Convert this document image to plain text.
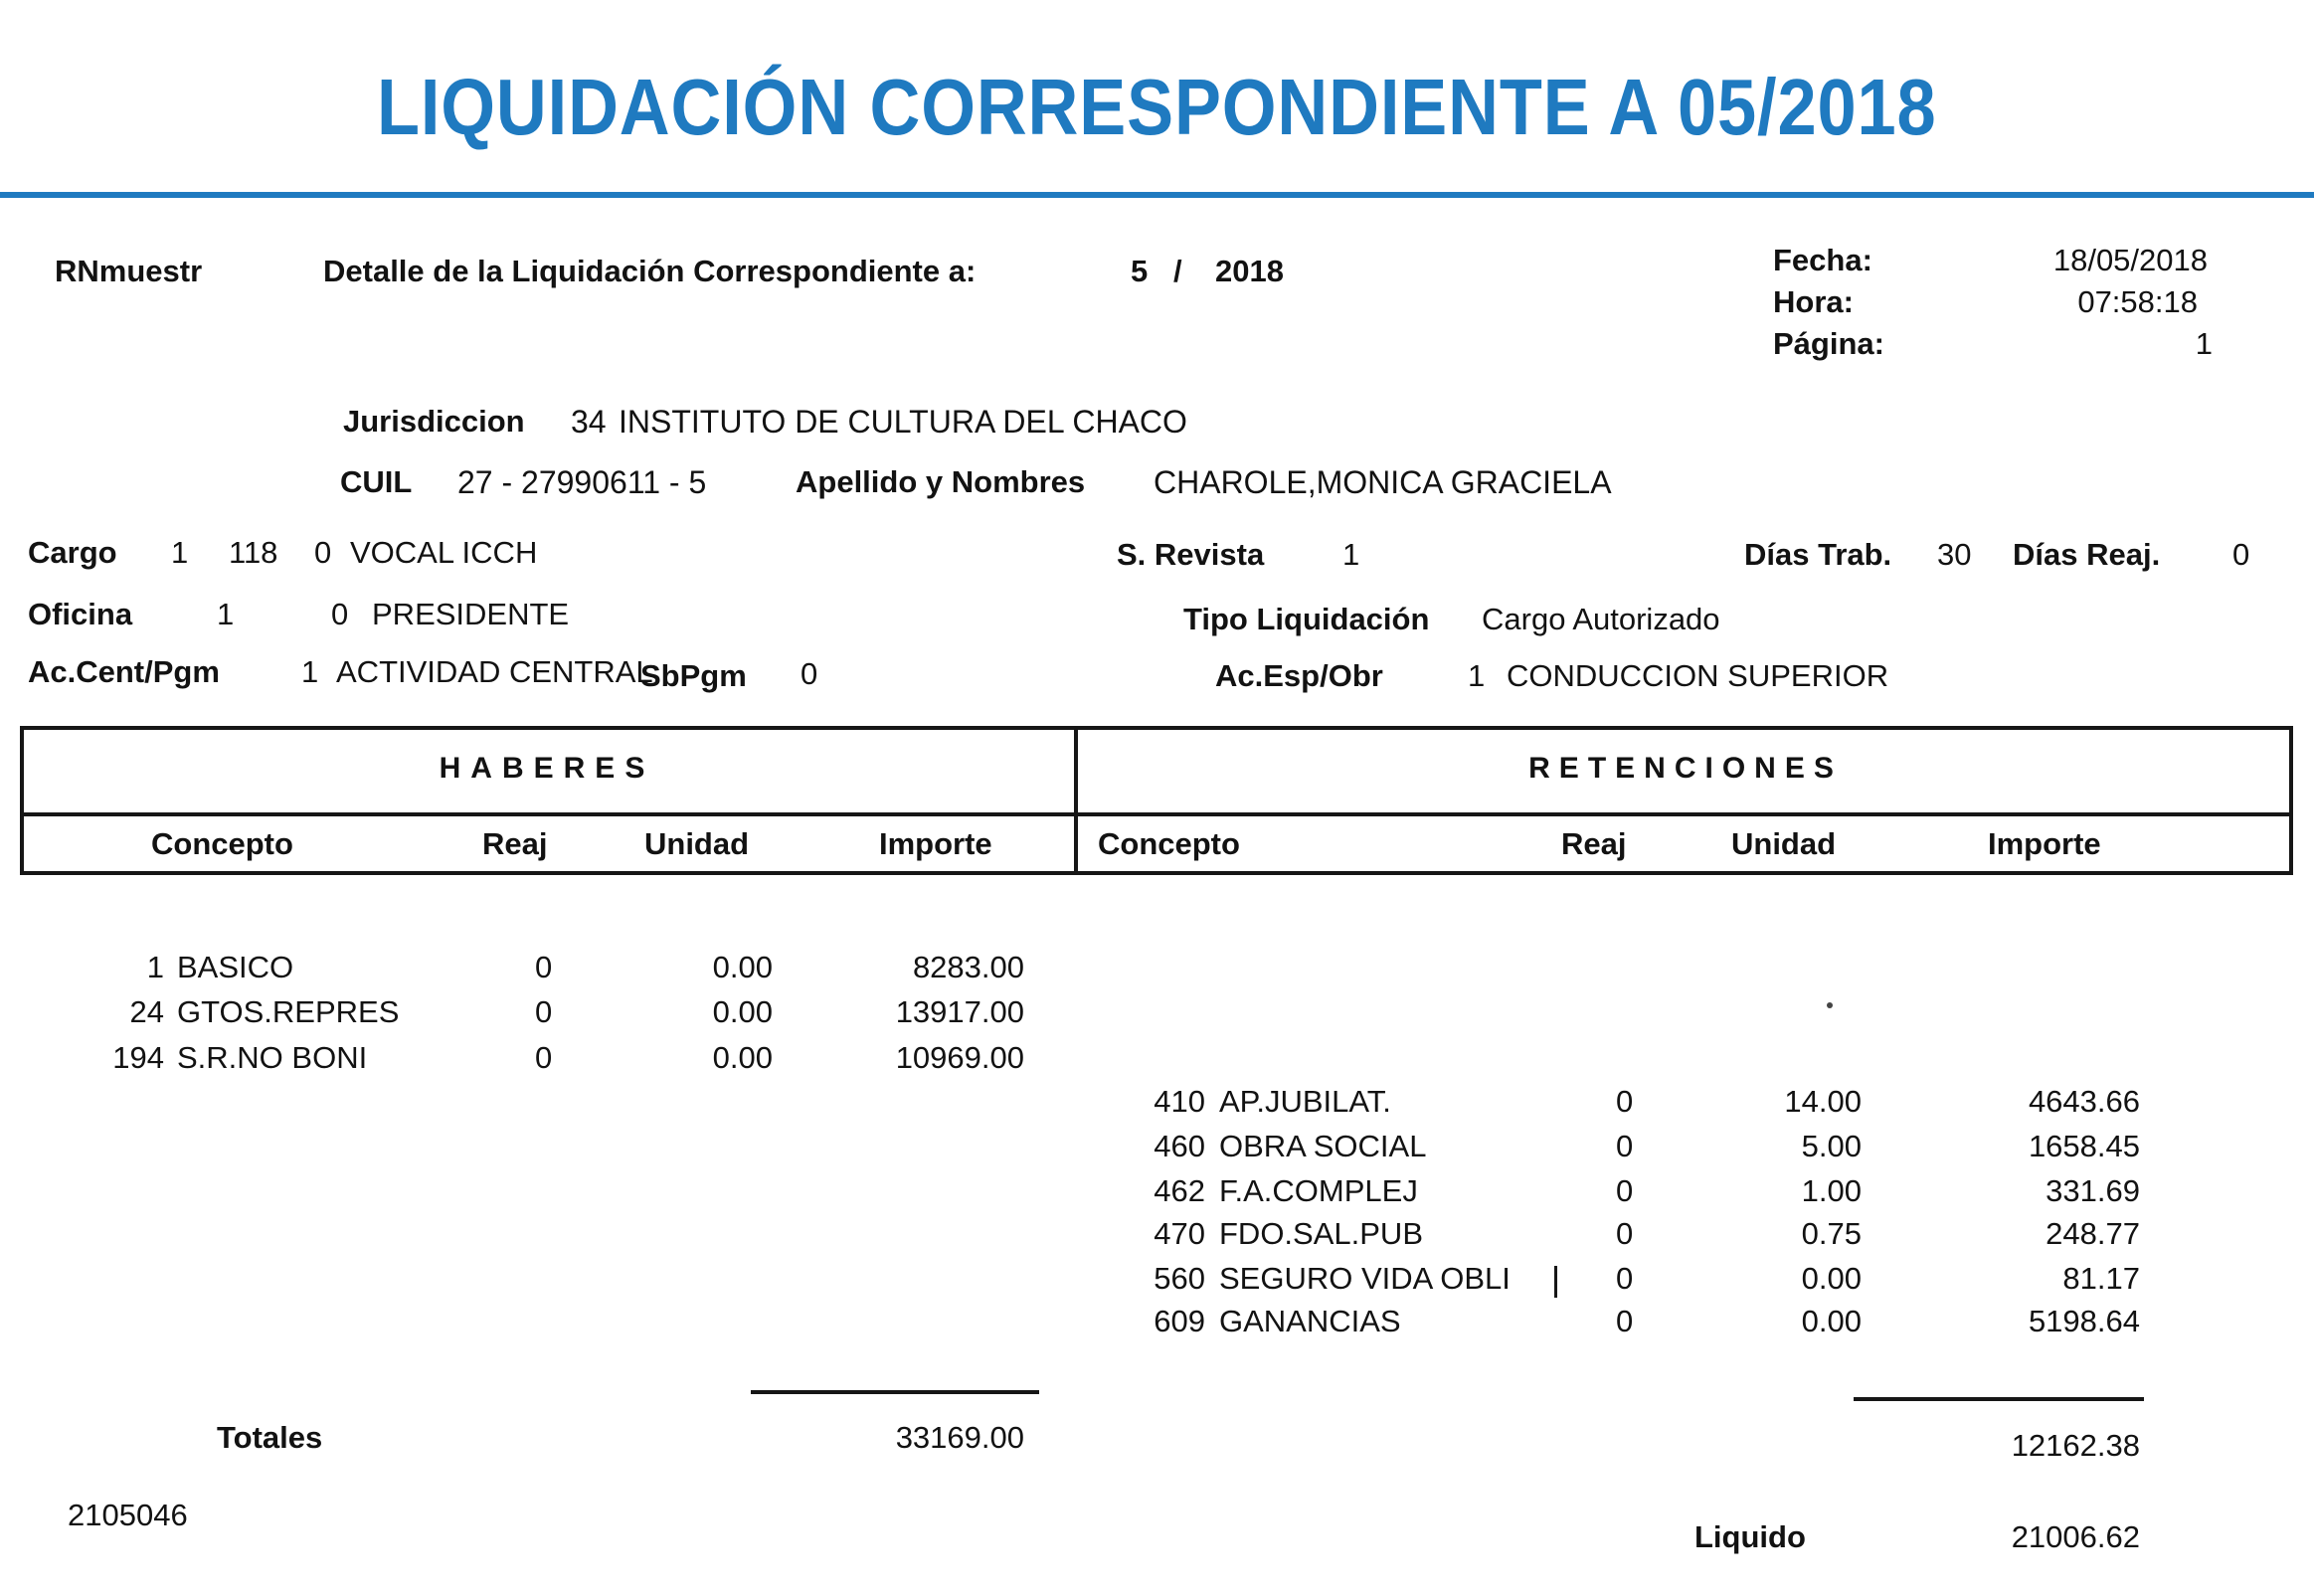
LIQUIDACIÓN CORRESPONDIENTE A 05/2018
RNmuestr	Detalle de la Liquidación Correspondiente a:	5 / 2018	Fecha:	18/05/2018
Hora:	07:58:18
Página:	1
Jurisdiccion 34 INSTITUTO DE CULTURA DEL CHACO
CUIL 27 - 27990611 - 5	Apellido y Nombres CHAROLE,MONICA GRACIELA
Cargo 1 118 0 VOCAL ICCH	S. Revista	1	Días Trab. 30 Días Reaj. 0
Oficina	1	0 PRESIDENTE	Tipo Liquidación Cargo Autorizado
Ac.Cent/Pgm	1 ACTIVIDAD CENTRAL
SbPgm 0	Ac.Esp/Obr	1 CONDUCCION SUPERIOR
HABERES	RETENCIONES
Concepto	Reaj	Unidad	Importe	Concepto	Reaj	Unidad	Importe
1 BASICO	0	0.00	8283.00
24 GTOS.REPRES	0	0.00	13917.00
194 S.R.NO BONI	0	0.00	10969.00
410 AP.JUBILAT.	0	14.00	4643.66
460 OBRA SOCIAL	0	5.00	1658.45
462 F.A.COMPLEJ	0	1.00	331.69
470 FDO.SAL.PUB	0	0.75	248.77
560 SEGURO VIDA OBLI	0	0.00	81.17
609 GANANCIAS	0	0.00	5198.64
Totales	33169.00	12162.38
2105046
Liquido	21006.62
